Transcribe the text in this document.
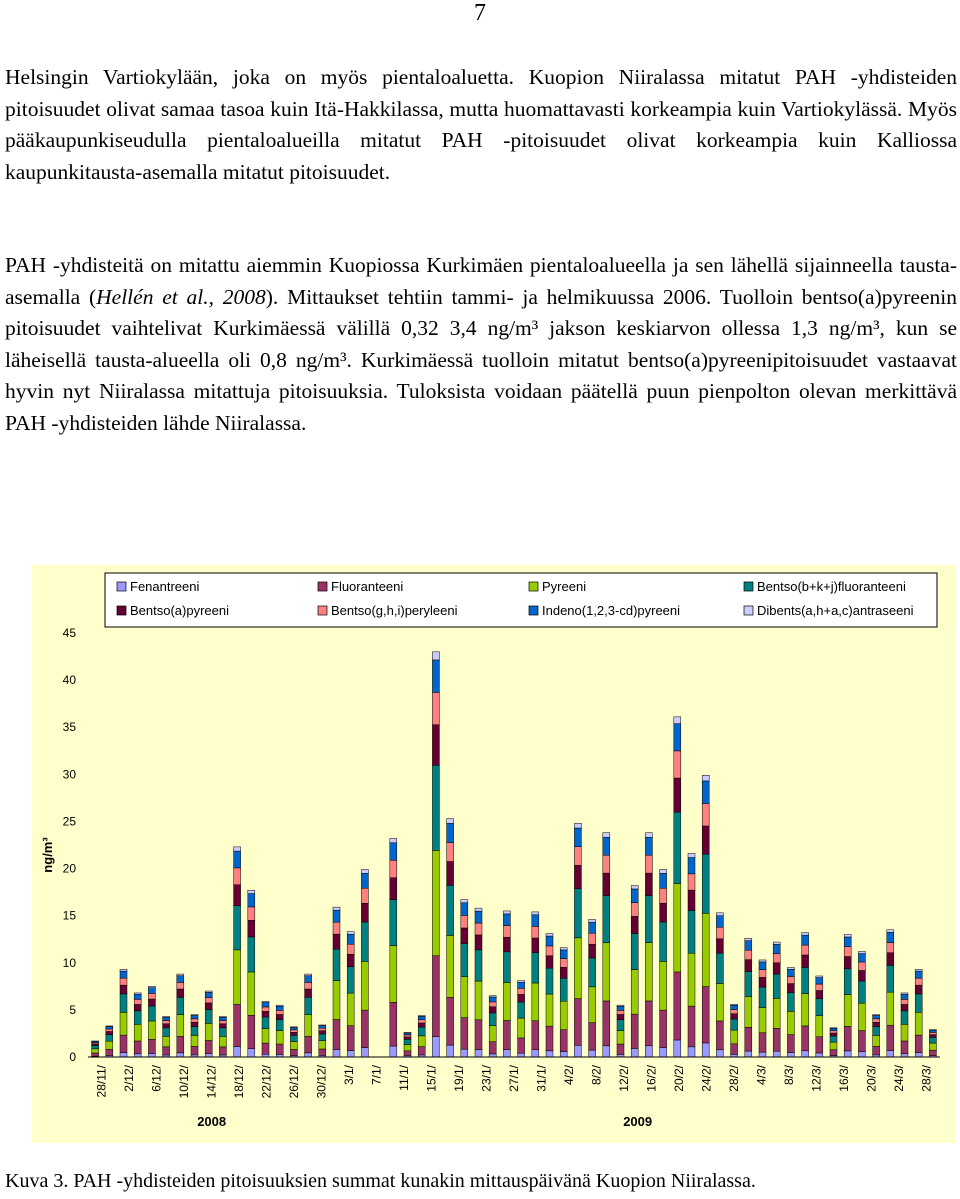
7

Helsingin Vartiokylään, joka on myös pientaloaluetta. Kuopion Niiralassa mitatut PAH -yhdisteiden pitoisuudet olivat samaa tasoa kuin Itä-Hakkilassa, mutta huomattavasti korkeampia kuin Vartiokylässä. Myös pääkaupunkiseudulla pientaloalueilla mitatut PAH -pitoisuudet olivat korkeampia kuin Kalliossa kaupunkitausta-asemalla mitatut pitoisuudet.

PAH -yhdisteitä on mitattu aiemmin Kuopiossa Kurkimäen pientaloalueella ja sen lähellä sijainneella tausta-asemalla (Hellén et al., 2008). Mittaukset tehtiin tammi- ja helmikuussa 2006. Tuolloin bentso(a)pyreenin pitoisuudet vaihtelivat Kurkimäessä välillä 0,32 3,4 ng/m³ jakson keskiarvon ollessa 1,3 ng/m³, kun se läheisellä tausta-alueella oli 0,8 ng/m³. Kurkimäessä tuolloin mitatut bentso(a)pyreenipitoisuudet vastaavat hyvin nyt Niiralassa mitattuja pitoisuuksia. Tuloksista voidaan päätellä puun pienpolton olevan merkittävä PAH -yhdisteiden lähde Niiralassa.

0
5
10
15
20
25
30
35
40
45
ng/m³
28/11/ 2/12/ 6/12/ 10/12/ 14/12/ 18/12/ 22/12/ 26/12/ 30/12/ 3/1/ 7/1/ 11/1/ 15/1/ 19/1/ 23/1/ 27/1/ 31/1/ 4/2/ 8/2/ 12/2/ 16/2/ 20/2/ 24/2/ 28/2/ 4/3/ 8/3/ 12/3/ 16/3/ 20/3/ 24/3/ 28/3/
2008	2009
Fenantreeni	Fluoranteeni	Pyreeni	Bentso(b+k+j)fluoranteeni
Bentso(a)pyreeni	Bentso(g,h,i)peryleeni	Indeno(1,2,3-cd)pyreeni	Dibents(a,h+a,c)antraseeni
Kuva 3. PAH -yhdisteiden pitoisuuksien summat kunakin mittauspäivänä Kuopion Niiralassa.
